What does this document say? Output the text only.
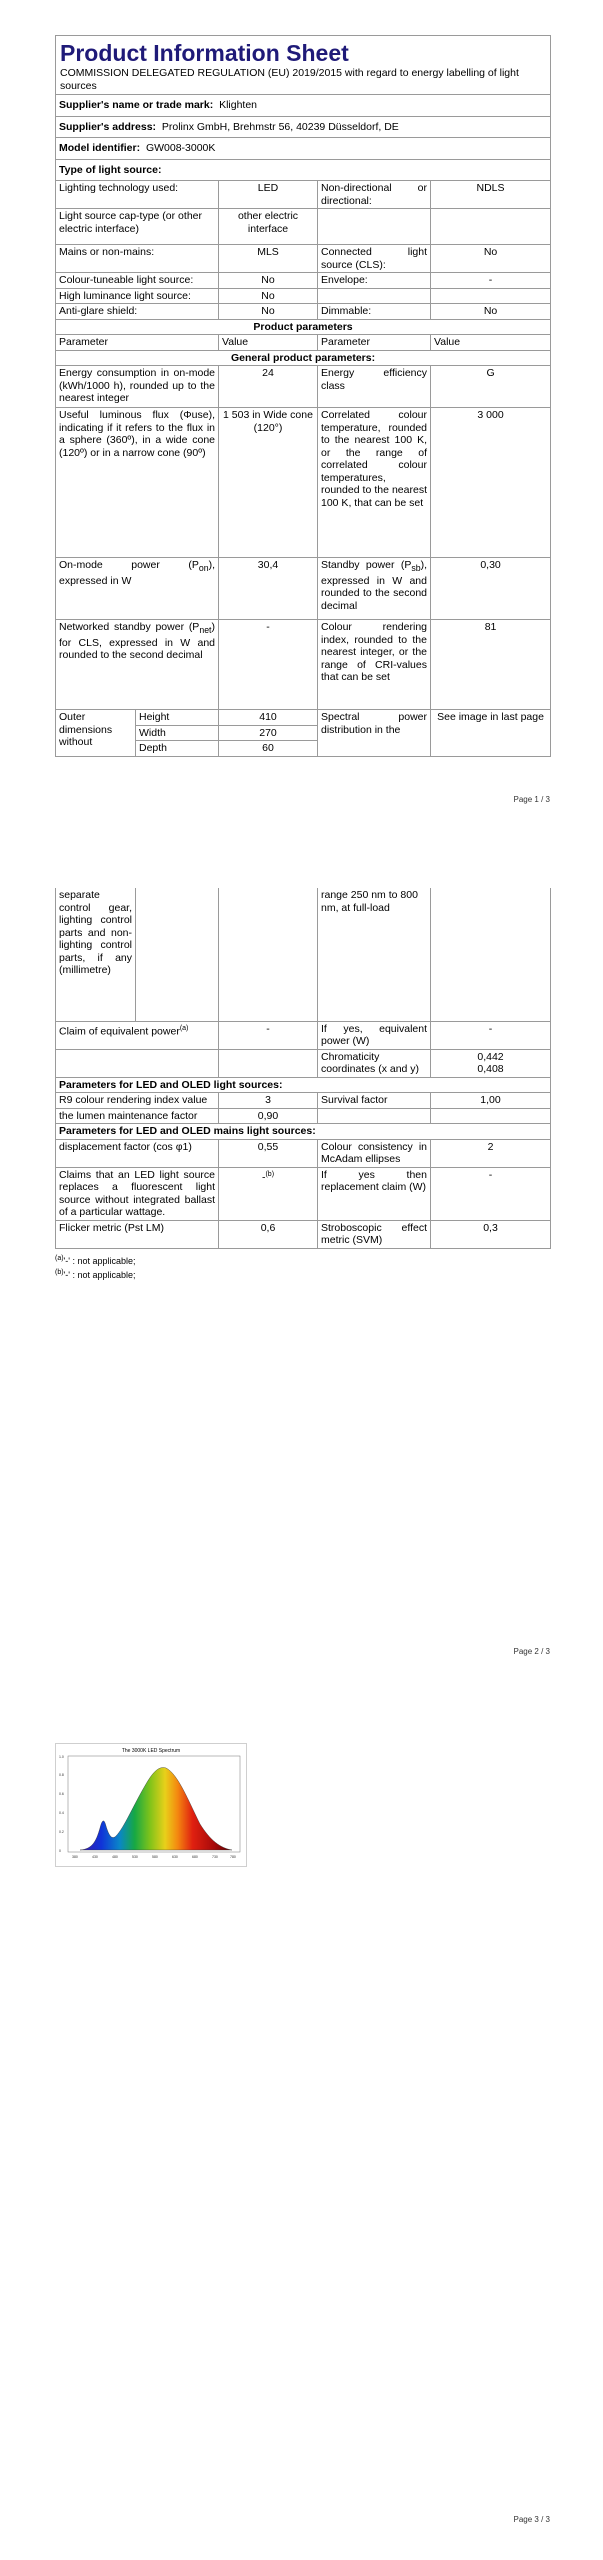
Product Information Sheet
COMMISSION DELEGATED REGULATION (EU) 2019/2015 with regard to energy labelling of light sources				

Supplier's name or trade mark: Klighten				
Supplier's address: Prolinx GmbH, Brehmstr 56, 40239 Düsseldorf, DE				
Model identifier: GW008-3000K				
Type of light source:				
Lighting technology used:		LED	Non-directional or directional:	NDLS
Light source cap-type (or other electric interface)		other electric interface		
Mains or non-mains:		MLS	Connected light source (CLS):	No
Colour-tuneable light source:		No	Envelope:	-
High luminance light source:		No		
Anti-glare shield:		No	Dimmable:	No
Product parameters				
Parameter		Value	Parameter	Value
General product parameters:				
Energy consumption in on-mode (kWh/1000 h), rounded up to the nearest integer		24	Energy efficiency class	G
Useful luminous flux (Φuse), indicating if it refers to the flux in a sphere (360º), in a wide cone (120º) or in a narrow cone (90º)		1 503 in Wide cone (120°)	Correlated colour temperature, rounded to the nearest 100 K, or the range of correlated colour temperatures, rounded to the nearest 100 K, that can be set	3 000
On-mode power $(P_{on})$, expressed in W		30,4	Standby power $(P_{sb})$, expressed in W and rounded to the second decimal	0,30
Networked standby power $(P_{net})$ for CLS, expressed in W and rounded to the second decimal		-	Colour rendering index, rounded to the nearest integer, or the range of CRI-values that can be set	81
Outer dimensions without	Height	410	Spectral power distribution in the	See image in last page
	Width	270		
	Depth	60		
Page 1 / 3
separate control gear, lighting control parts and non-lighting control parts, if any (millimetre)			range 250 nm to 800 nm, at full-load	
Claim of equivalent power$^{(a)}$		-	If yes, equivalent power (W)	-
			Chromaticity coordinates (x and y)	0,442
0,408

Parameters for LED and OLED light sources:				
R9 colour rendering index value		3	Survival factor	1,00
the lumen maintenance factor		0,90		
Parameters for LED and OLED mains light sources:				
displacement factor (cos φ1)		0,55	Colour consistency in McAdam ellipses	2
Claims that an LED light source replaces a fluorescent light source without integrated ballast of a particular wattage.		-$^{(b)}$	If yes then replacement claim (W)	-
Flicker metric (Pst LM)		0,6	Stroboscopic effect metric (SVM)	0,3
$^{(a)}$'-' : not applicable;
$^{(b)}$'-' : not applicable;
Page 2 / 3
The 3000K LED Spectrum
380	430	480	530	580	630	680	730	780
0
0.2
0.4
0.6
0.8
1.0
Page 3 / 3
